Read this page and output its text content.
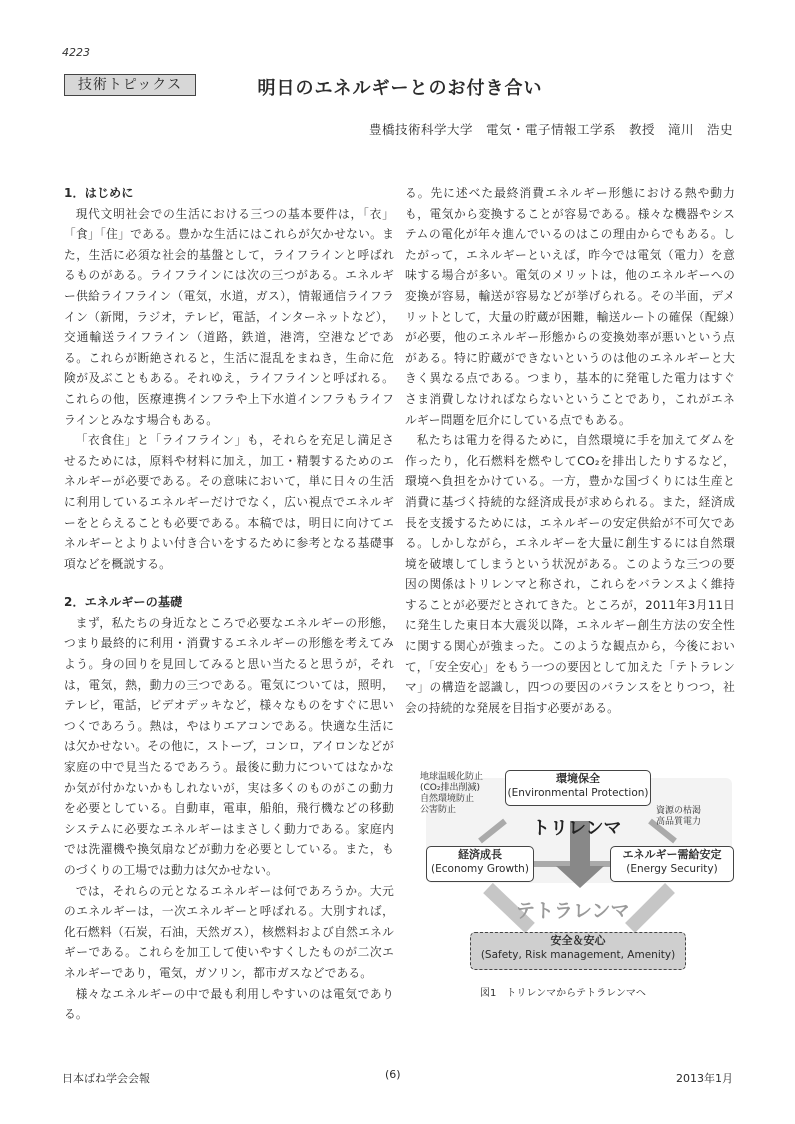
4223
技術トピックス	明日のエネルギーとのお付き合い
豊橋技術科学大学　電気・電子情報工学系　教授　滝川　浩史
1．はじめに

現代文明社会での生活における三つの基本要件は，「衣」「食」「住」である。豊かな生活にはこれらが欠かせない。また，生活に必須な社会的基盤として，ライフラインと呼ばれるものがある。ライフラインには次の三つがある。エネルギー供給ライフライン（電気，水道，ガス），情報通信ライフライン（新聞，ラジオ，テレビ，電話，インターネットなど），交通輸送ライフライン（道路，鉄道，港湾，空港などである。これらが断絶されると，生活に混乱をまねき，生命に危険が及ぶこともある。それゆえ，ライフラインと呼ばれる。これらの他，医療連携インフラや上下水道インフラもライフラインとみなす場合もある。

「衣食住」と「ライフライン」も，それらを充足し満足させるためには，原料や材料に加え，加工・精製するためのエネルギーが必要である。その意味において，単に日々の生活に利用しているエネルギーだけでなく，広い視点でエネルギーをとらえることも必要である。本稿では，明日に向けてエネルギーとよりよい付き合いをするために参考となる基礎事項などを概説する。

2．エネルギーの基礎

まず，私たちの身近なところで必要なエネルギーの形態，つまり最終的に利用・消費するエネルギーの形態を考えてみよう。身の回りを見回してみると思い当たると思うが，それは，電気，熱，動力の三つである。電気については，照明，テレビ，電話，ビデオデッキなど，様々なものをすぐに思いつくであろう。熱は，やはりエアコンである。快適な生活には欠かせない。その他に，ストーブ，コンロ，アイロンなどが家庭の中で見当たるであろう。最後に動力についてはなかなか気が付かないかもしれないが，実は多くのものがこの動力を必要としている。自動車，電車，船舶，飛行機などの移動システムに必要なエネルギーはまさしく動力である。家庭内では洗濯機や換気扇などが動力を必要としている。また，ものづくりの工場では動力は欠かせない。

では，それらの元となるエネルギーは何であろうか。大元のエネルギーは，一次エネルギーと呼ばれる。大別すれば，化石燃料（石炭，石油，天然ガス），核燃料および自然エネルギーである。これらを加工して使いやすくしたものが二次エネルギーであり，電気，ガソリン，都市ガスなどである。

様々なエネルギーの中で最も利用しやすいのは電気でありる。

る。先に述べた最終消費エネルギー形態における熱や動力も，電気から変換することが容易である。様々な機器やシステムの電化が年々進んでいるのはこの理由からでもある。したがって，エネルギーといえば，昨今では電気（電力）を意味する場合が多い。電気のメリットは，他のエネルギーへの変換が容易，輸送が容易などが挙げられる。その半面，デメリットとして，大量の貯蔵が困難，輸送ルートの確保（配線）が必要，他のエネルギー形態からの変換効率が悪いという点がある。特に貯蔵ができないというのは他のエネルギーと大きく異なる点である。つまり，基本的に発電した電力はすぐさま消費しなければならないということであり，これがエネルギー問題を厄介にしている点でもある。

私たちは電力を得るために，自然環境に手を加えてダムを作ったり，化石燃料を燃やしてCO₂を排出したりするなど，環境へ負担をかけている。一方，豊かな国づくりには生産と消費に基づく持続的な経済成長が求められる。また，経済成長を支援するためには，エネルギーの安定供給が不可欠である。しかしながら，エネルギーを大量に創生するには自然環境を破壊してしまうという状況がある。このような三つの要因の関係はトリレンマと称され，これらをバランスよく維持することが必要だとされてきた。ところが，2011年3月11日に発生した東日本大震災以降，エネルギー創生方法の安全性に関する関心が強まった。このような観点から，今後において，「安全安心」をもう一つの要因として加えた「テトラレンマ」の構造を認識し，四つの要因のバランスをとりつつ，社会の持続的な発展を目指す必要がある。

地球温暖化防止
(CO₂排出削減)
自然環境防止
公害防止
環境保全
(Environmental Protection)
資源の枯渇
高品質電力
トリレンマ
経済成長
(Economy Growth)
エネルギー需給安定
(Energy Security)
テトラレンマ
安全＆安心
(Safety, Risk management, Amenity)
図1　トリレンマからテトラレンマへ
日本ばね学会会報	(6)	2013年1月
